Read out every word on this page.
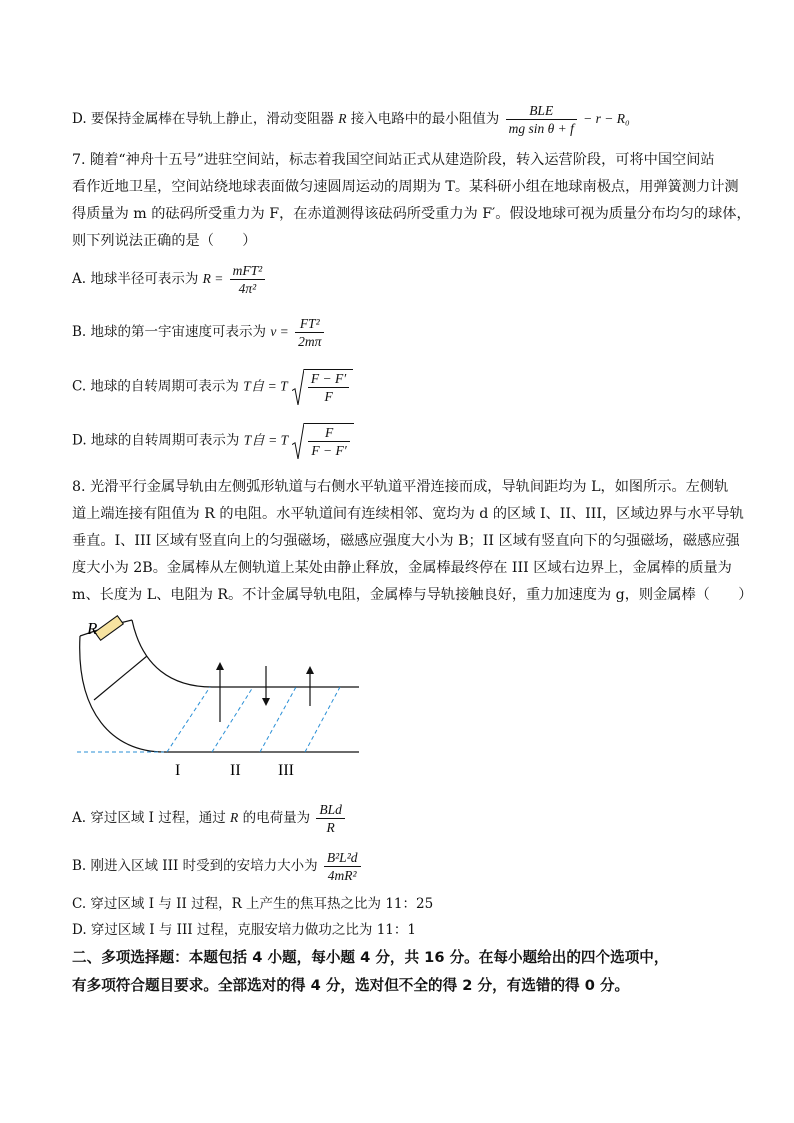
D. 要保持金属棒在导轨上静止，滑动变阻器 R 接入电路中的最小阻值为 $\frac{\text{BLE}}{\text{mg sin θ + f}} - r - R_0$
7. 随着“神舟十五号”进驻空间站，标志着我国空间站正式从建造阶段，转入运营阶段，可将中国空间站
看作近地卫星，空间站绕地球表面做匀速圆周运动的周期为 T。某科研小组在地球南极点，用弹簧测力计测
得质量为 m 的砝码所受重力为 F，在赤道测得该砝码所受重力为 F′。假设地球可视为质量分布均匀的球体，
则下列说法正确的是（　　）
A. 地球半径可表示为 $R = \frac{\text{mFT²}}{\text{4π²}}$
B. 地球的第一宇宙速度可表示为 $v = \frac{\text{FT²}}{2m\pi}$
C. 地球的自转周期可表示为 T自 = T $\frac{F - F'}{F}$
D. 地球的自转周期可表示为 T自 = T $\frac{F}{F - F'}$
8. 光滑平行金属导轨由左侧弧形轨道与右侧水平轨道平滑连接而成，导轨间距均为 L，如图所示。左侧轨
道上端连接有阻值为 R 的电阻。水平轨道间有连续相邻、宽均为 d 的区域 I、II、III，区域边界与水平导轨
垂直。I、III 区域有竖直向上的匀强磁场，磁感应强度大小为 B；II 区域有竖直向下的匀强磁场，磁感应强
度大小为 2B。金属棒从左侧轨道上某处由静止释放，金属棒最终停在 III 区域右边界上，金属棒的质量为
m、长度为 L、电阻为 R。不计金属导轨电阻，金属棒与导轨接触良好，重力加速度为 g，则金属棒（　　）
R
I	II III
A. 穿过区域 I 过程，通过 R 的电荷量为 $\frac{\text{BLd}}{R}$
B. 刚进入区域 III 时受到的安培力大小为 $\frac{\text{B²L²d}}{\text{4mR²}}$
C. 穿过区域 I 与 II 过程，R 上产生的焦耳热之比为 11：25
D. 穿过区域 I 与 III 过程，克服安培力做功之比为 11：1
二、多项选择题：本题包括 4 小题，每小题 4 分，共 16 分。在每小题给出的四个选项中，
有多项符合题目要求。全部选对的得 4 分，选对但不全的得 2 分，有选错的得 0 分。
